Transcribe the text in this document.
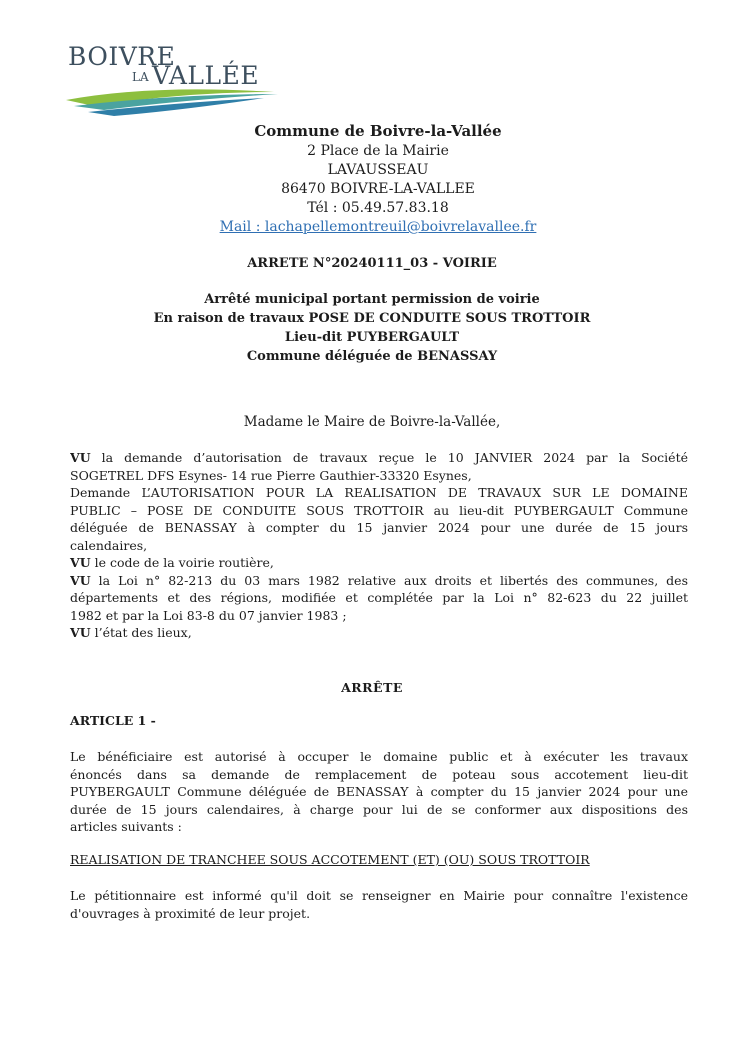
BOIVRE
LA VALLÉE
Commune de Boivre-la-Vallée
2 Place de la Mairie
LAVAUSSEAU
86470 BOIVRE-LA-VALLEE
Tél : 05.49.57.83.18
Mail : lachapellemontreuil@boivrelavallee.fr
ARRETE N°20240111_03 - VOIRIE
Arrêté municipal portant permission de voirie
En raison de travaux POSE DE CONDUITE SOUS TROTTOIR
Lieu-dit PUYBERGAULT
Commune déléguée de BENASSAY
Madame le Maire de Boivre-la-Vallée,
VU la demande d’autorisation de travaux reçue le 10 JANVIER 2024 par la Société
SOGETREL DFS Esynes- 14 rue Pierre Gauthier-33320 Esynes,
Demande L’AUTORISATION POUR LA REALISATION DE TRAVAUX SUR LE DOMAINE
PUBLIC – POSE DE CONDUITE SOUS TROTTOIR au lieu-dit PUYBERGAULT Commune
déléguée de BENASSAY à compter du 15 janvier 2024 pour une durée de 15 jours
calendaires,
VU le code de la voirie routière,
VU la Loi n° 82-213 du 03 mars 1982 relative aux droits et libertés des communes, des
départements et des régions, modifiée et complétée par la Loi n° 82-623 du 22 juillet
1982 et par la Loi 83-8 du 07 janvier 1983 ;
VU l’état des lieux,
ARRÊTE
ARTICLE 1 -
Le bénéficiaire est autorisé à occuper le domaine public et à exécuter les travaux
énoncés dans sa demande de remplacement de poteau sous accotement lieu-dit
PUYBERGAULT Commune déléguée de BENASSAY à compter du 15 janvier 2024 pour une
durée de 15 jours calendaires, à charge pour lui de se conformer aux dispositions des
articles suivants :
REALISATION DE TRANCHEE SOUS ACCOTEMENT (ET) (OU) SOUS TROTTOIR
Le pétitionnaire est informé qu'il doit se renseigner en Mairie pour connaître l'existence
d'ouvrages à proximité de leur projet.
